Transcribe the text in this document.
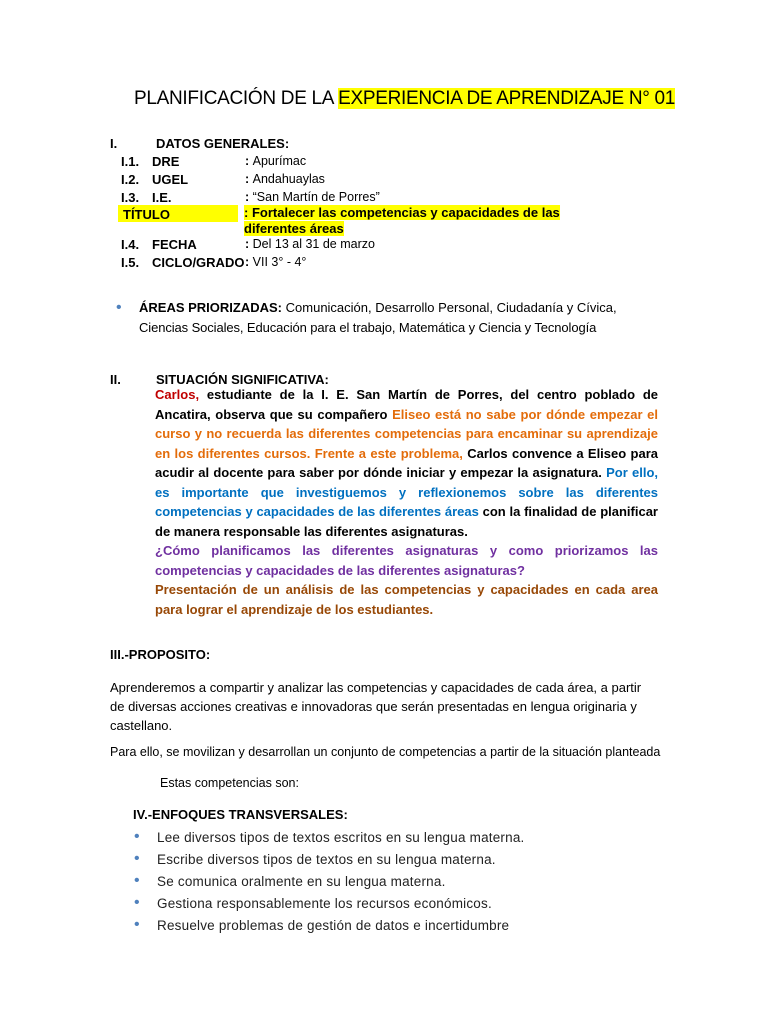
PLANIFICACIÓN DE LA EXPERIENCIA DE APRENDIZAJE N° 01
I.	DATOS GENERALES:
I.1. DRE	: Apurímac
I.2. UGEL	: Andahuaylas
I.3. I.E.	: “San Martín de Porres”
TÍTULO	: Fortalecer las competencias y capacidades de las diferentes áreas
I.4. FECHA	: Del 13 al 31 de marzo
I.5. CICLO/GRADO : VII 3° - 4°
• ÁREAS PRIORIZADAS: Comunicación, Desarrollo Personal, Ciudadanía y Cívica,
Ciencias Sociales, Educación para el trabajo, Matemática y Ciencia y Tecnología
II.	SITUACIÓN SIGNIFICATIVA:
Carlos, estudiante de la I. E. San Martín de Porres, del centro poblado de Ancatira, observa que su compañero Eliseo está no sabe por dónde empezar el curso y no recuerda las diferentes competencias para encaminar su aprendizaje en los diferentes cursos. Frente a este problema, Carlos convence a Eliseo para acudir al docente para saber por dónde iniciar y empezar la asignatura. Por ello, es importante que investiguemos y reflexionemos sobre las diferentes competencias y capacidades de las diferentes áreas con la finalidad de planificar de manera responsable las diferentes asignaturas.
¿Cómo planificamos las diferentes asignaturas y como priorizamos las competencias y capacidades de las diferentes asignaturas?
Presentación de un análisis de las competencias y capacidades en cada area para lograr el aprendizaje de los estudiantes.
III.-PROPOSITO:
Aprenderemos a compartir y analizar las competencias y capacidades de cada área, a partir de diversas acciones creativas e innovadoras que serán presentadas en lengua originaria y castellano.
Para ello, se movilizan y desarrollan un conjunto de competencias a partir de la situación planteada
Estas competencias son:
IV.-ENFOQUES TRANSVERSALES:
• Lee diversos tipos de textos escritos en su lengua materna.
• Escribe diversos tipos de textos en su lengua materna.
• Se comunica oralmente en su lengua materna.
• Gestiona responsablemente los recursos económicos.
• Resuelve problemas de gestión de datos e incertidumbre
